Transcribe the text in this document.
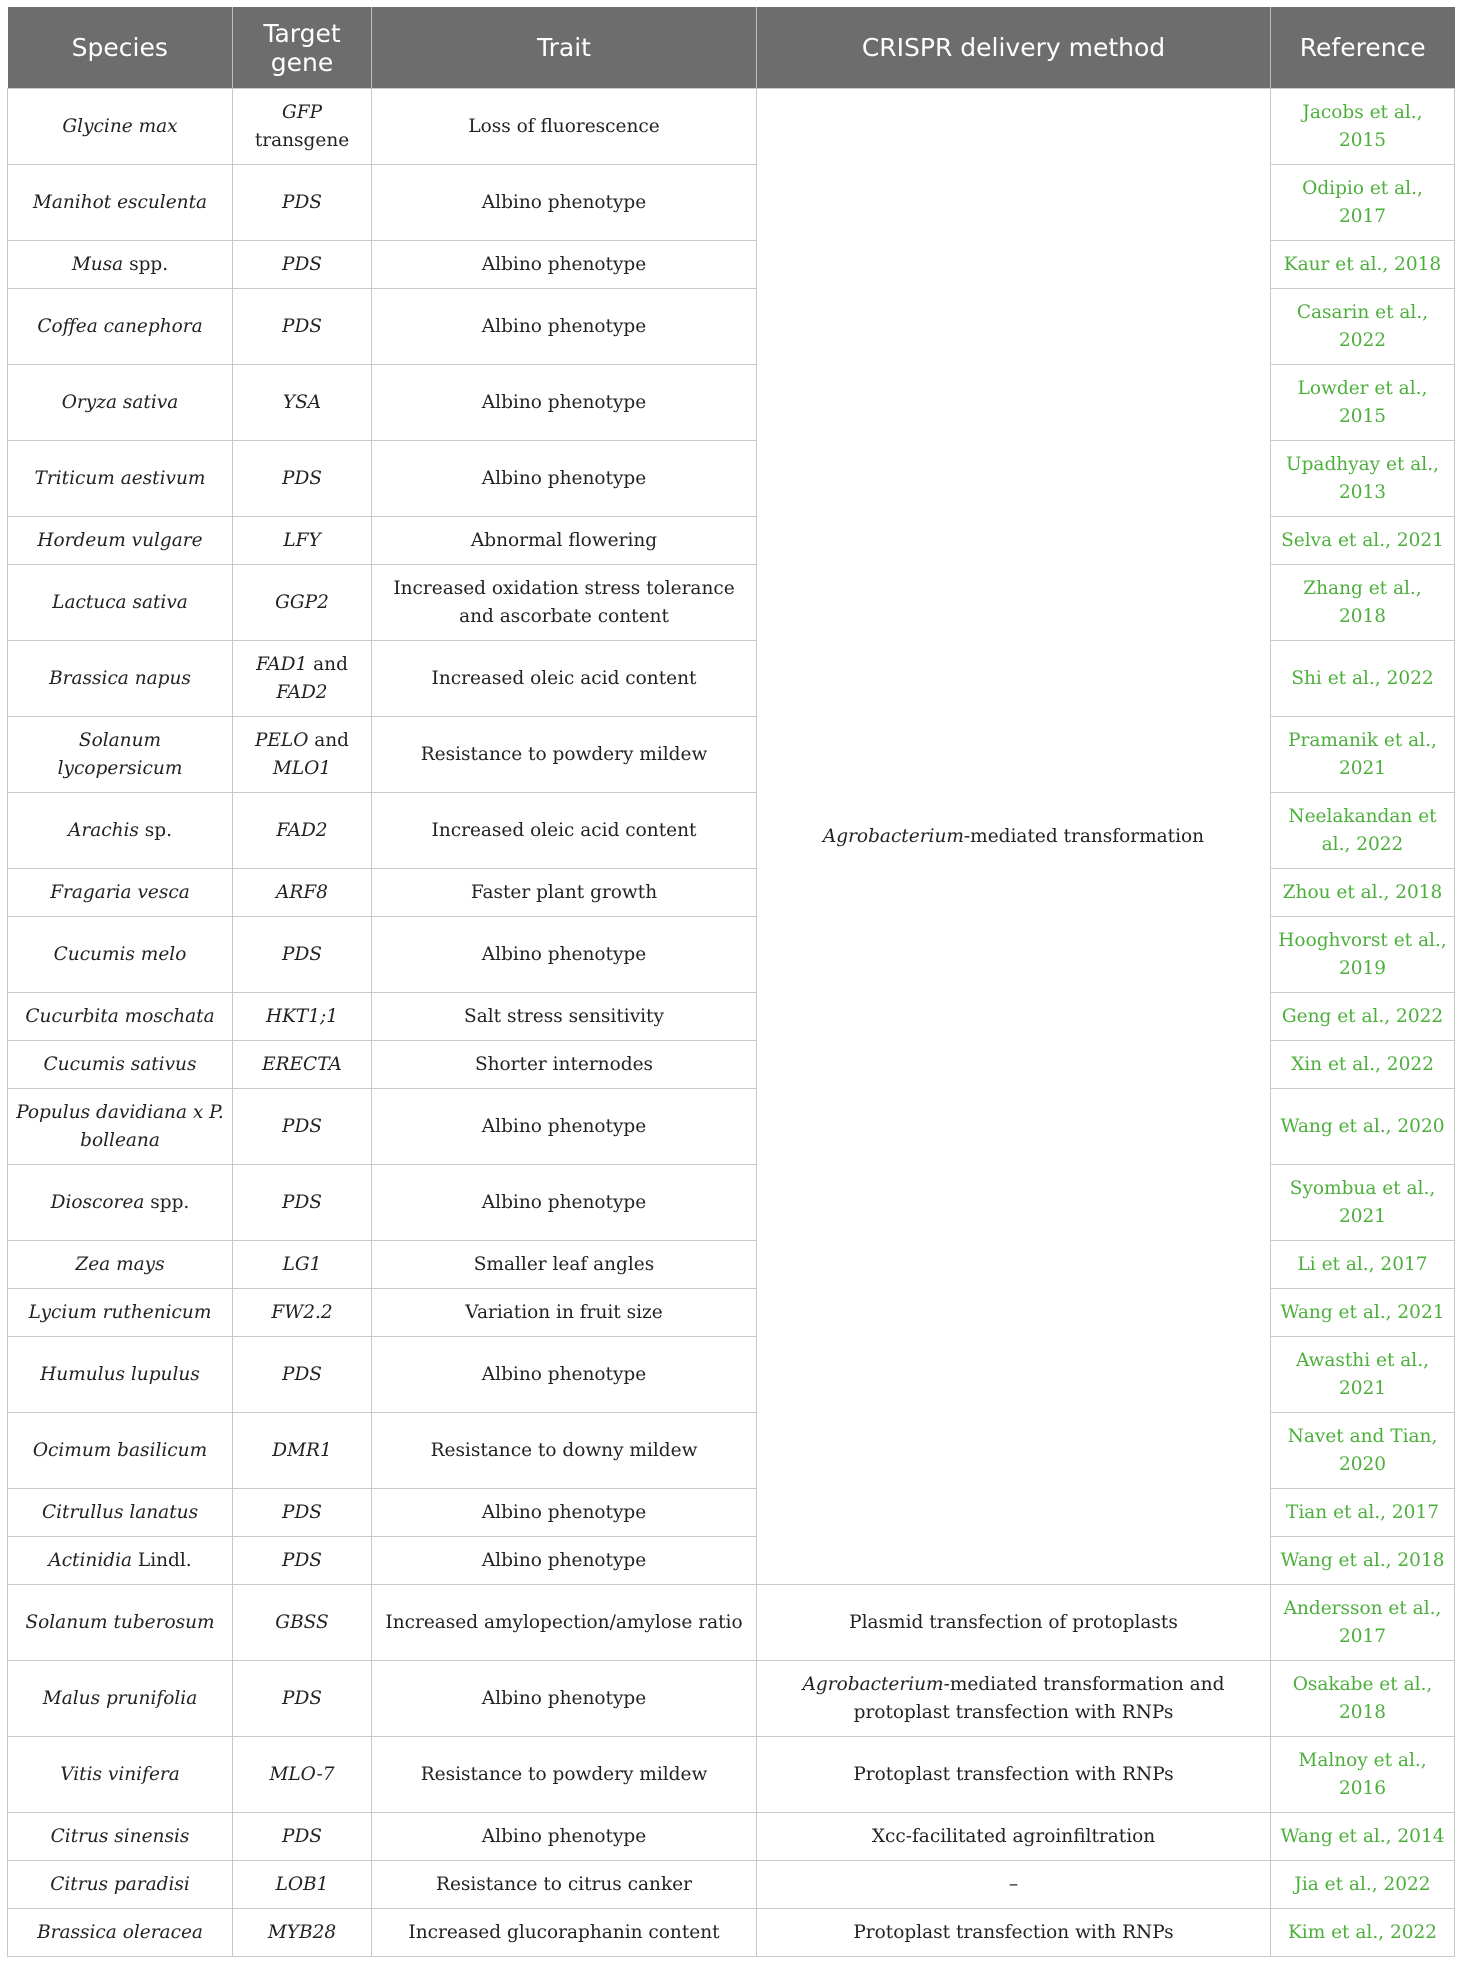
Species	Target gene	Trait	CRISPR delivery method	Reference
Glycine max	GFP transgene	Loss of fluorescence	Agrobacterium-mediated transformation	Jacobs et al., 2015
Manihot esculenta	PDS	Albino phenotype		Odipio et al., 2017
Musa spp.	PDS	Albino phenotype		Kaur et al., 2018
Coffea canephora	PDS	Albino phenotype		Casarin et al., 2022
Oryza sativa	YSA	Albino phenotype		Lowder et al., 2015
Triticum aestivum	PDS	Albino phenotype		Upadhyay et al., 2013
Hordeum vulgare	LFY	Abnormal flowering		Selva et al., 2021
Lactuca sativa	GGP2	Increased oxidation stress tolerance and ascorbate content		Zhang et al., 2018
Brassica napus	FAD1 and FAD2	Increased oleic acid content		Shi et al., 2022
Solanum lycopersicum	PELO and MLO1	Resistance to powdery mildew		Pramanik et al., 2021
Arachis sp.	FAD2	Increased oleic acid content		Neelakandan et al., 2022
Fragaria vesca	ARF8	Faster plant growth		Zhou et al., 2018
Cucumis melo	PDS	Albino phenotype		Hooghvorst et al., 2019
Cucurbita moschata	HKT1;1	Salt stress sensitivity		Geng et al., 2022
Cucumis sativus	ERECTA	Shorter internodes		Xin et al., 2022
Populus davidiana x P. bolleana	PDS	Albino phenotype		Wang et al., 2020
Dioscorea spp.	PDS	Albino phenotype		Syombua et al., 2021
Zea mays	LG1	Smaller leaf angles		Li et al., 2017
Lycium ruthenicum	FW2.2	Variation in fruit size		Wang et al., 2021
Humulus lupulus	PDS	Albino phenotype		Awasthi et al., 2021
Ocimum basilicum	DMR1	Resistance to downy mildew		Navet and Tian, 2020
Citrullus lanatus	PDS	Albino phenotype		Tian et al., 2017
Actinidia Lindl.	PDS	Albino phenotype		Wang et al., 2018
Solanum tuberosum	GBSS	Increased amylopection/amylose ratio	Plasmid transfection of protoplasts	Andersson et al., 2017
Malus prunifolia	PDS	Albino phenotype	Agrobacterium-mediated transformation and protoplast transfection with RNPs	Osakabe et al., 2018
Vitis vinifera	MLO-7	Resistance to powdery mildew	Protoplast transfection with RNPs	Malnoy et al., 2016
Citrus sinensis	PDS	Albino phenotype	Xcc-facilitated agroinfiltration	Wang et al., 2014
Citrus paradisi	LOB1	Resistance to citrus canker	–	Jia et al., 2022
Brassica oleracea	MYB28	Increased glucoraphanin content	Protoplast transfection with RNPs	Kim et al., 2022
